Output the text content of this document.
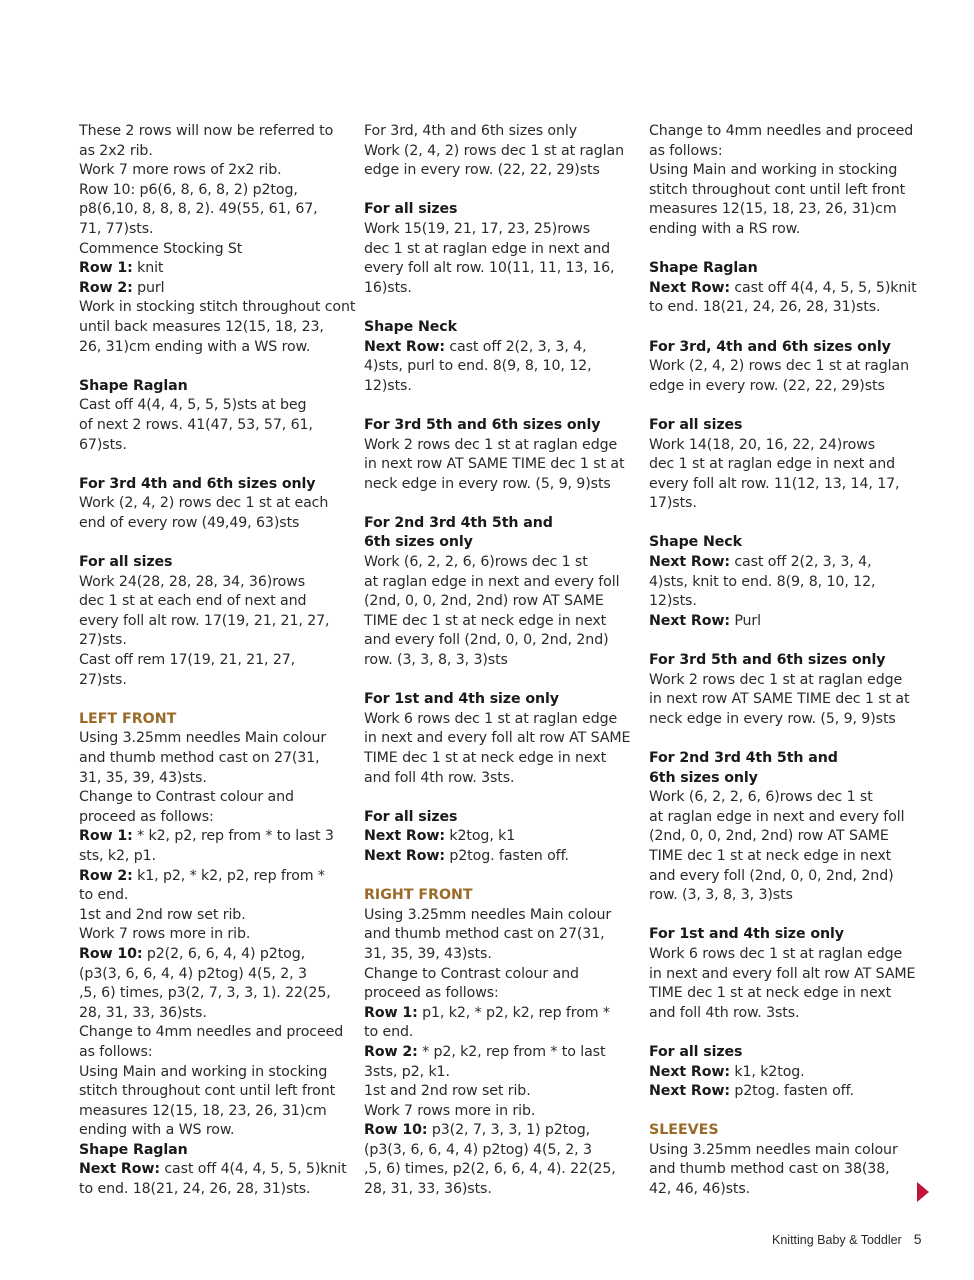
These 2 rows will now be referred to
as 2x2 rib.
Work 7 more rows of 2x2 rib.
Row 10: p6(6, 8, 6, 8, 2) p2tog,
p8(6,10, 8, 8, 8, 2). 49(55, 61, 67,
71, 77)sts.
Commence Stocking St
Row 1: knit
Row 2: purl
Work in stocking stitch throughout cont
until back measures 12(15, 18, 23,
26, 31)cm ending with a WS row.
Shape Raglan
Cast off 4(4, 4, 5, 5, 5)sts at beg
of next 2 rows. 41(47, 53, 57, 61,
67)sts.
For 3rd 4th and 6th sizes only
Work (2, 4, 2) rows dec 1 st at each
end of every row (49,49, 63)sts
For all sizes
Work 24(28, 28, 28, 34, 36)rows
dec 1 st at each end of next and
every foll alt row. 17(19, 21, 21, 27,
27)sts.
Cast off rem 17(19, 21, 21, 27,
27)sts.
LEFT FRONT
Using 3.25mm needles Main colour
and thumb method cast on 27(31,
31, 35, 39, 43)sts.
Change to Contrast colour and
proceed as follows:
Row 1: * k2, p2, rep from * to last 3
sts, k2, p1.
Row 2: k1, p2, * k2, p2, rep from *
to end.
1st and 2nd row set rib.
Work 7 rows more in rib.
Row 10: p2(2, 6, 6, 4, 4) p2tog,
(p3(3, 6, 6, 4, 4) p2tog) 4(5, 2, 3
,5, 6) times, p3(2, 7, 3, 3, 1). 22(25,
28, 31, 33, 36)sts.
Change to 4mm needles and proceed
as follows:
Using Main and working in stocking
stitch throughout cont until left front
measures 12(15, 18, 23, 26, 31)cm
ending with a WS row.
Shape Raglan
Next Row: cast off 4(4, 4, 5, 5, 5)knit
to end. 18(21, 24, 26, 28, 31)sts.
For 3rd, 4th and 6th sizes only
Work (2, 4, 2) rows dec 1 st at raglan
edge in every row. (22, 22, 29)sts
For all sizes
Work 15(19, 21, 17, 23, 25)rows
dec 1 st at raglan edge in next and
every foll alt row. 10(11, 11, 13, 16,
16)sts.
Shape Neck
Next Row: cast off 2(2, 3, 3, 4,
4)sts, purl to end. 8(9, 8, 10, 12,
12)sts.
For 3rd 5th and 6th sizes only
Work 2 rows dec 1 st at raglan edge
in next row AT SAME TIME dec 1 st at
neck edge in every row. (5, 9, 9)sts
For 2nd 3rd 4th 5th and
6th sizes only
Work (6, 2, 2, 6, 6)rows dec 1 st
at raglan edge in next and every foll
(2nd, 0, 0, 2nd, 2nd) row AT SAME
TIME dec 1 st at neck edge in next
and every foll (2nd, 0, 0, 2nd, 2nd)
row. (3, 3, 8, 3, 3)sts
For 1st and 4th size only
Work 6 rows dec 1 st at raglan edge
in next and every foll alt row AT SAME
TIME dec 1 st at neck edge in next
and foll 4th row. 3sts.
For all sizes
Next Row: k2tog, k1
Next Row: p2tog. fasten off.
RIGHT FRONT
Using 3.25mm needles Main colour
and thumb method cast on 27(31,
31, 35, 39, 43)sts.
Change to Contrast colour and
proceed as follows:
Row 1: p1, k2, * p2, k2, rep from *
to end.
Row 2: * p2, k2, rep from * to last
3sts, p2, k1.
1st and 2nd row set rib.
Work 7 rows more in rib.
Row 10: p3(2, 7, 3, 3, 1) p2tog,
(p3(3, 6, 6, 4, 4) p2tog) 4(5, 2, 3
,5, 6) times, p2(2, 6, 6, 4, 4). 22(25,
28, 31, 33, 36)sts.
Change to 4mm needles and proceed
as follows:
Using Main and working in stocking
stitch throughout cont until left front
measures 12(15, 18, 23, 26, 31)cm
ending with a RS row.
Shape Raglan
Next Row: cast off 4(4, 4, 5, 5, 5)knit
to end. 18(21, 24, 26, 28, 31)sts.
For 3rd, 4th and 6th sizes only
Work (2, 4, 2) rows dec 1 st at raglan
edge in every row. (22, 22, 29)sts
For all sizes
Work 14(18, 20, 16, 22, 24)rows
dec 1 st at raglan edge in next and
every foll alt row. 11(12, 13, 14, 17,
17)sts.
Shape Neck
Next Row: cast off 2(2, 3, 3, 4,
4)sts, knit to end. 8(9, 8, 10, 12,
12)sts.
Next Row: Purl
For 3rd 5th and 6th sizes only
Work 2 rows dec 1 st at raglan edge
in next row AT SAME TIME dec 1 st at
neck edge in every row. (5, 9, 9)sts
For 2nd 3rd 4th 5th and
6th sizes only
Work (6, 2, 2, 6, 6)rows dec 1 st
at raglan edge in next and every foll
(2nd, 0, 0, 2nd, 2nd) row AT SAME
TIME dec 1 st at neck edge in next
and every foll (2nd, 0, 0, 2nd, 2nd)
row. (3, 3, 8, 3, 3)sts
For 1st and 4th size only
Work 6 rows dec 1 st at raglan edge
in next and every foll alt row AT SAME
TIME dec 1 st at neck edge in next
and foll 4th row. 3sts.
For all sizes
Next Row: k1, k2tog.
Next Row: p2tog. fasten off.
SLEEVES
Using 3.25mm needles main colour
and thumb method cast on 38(38,
42, 46, 46)sts.
Knitting Baby & Toddler 5
